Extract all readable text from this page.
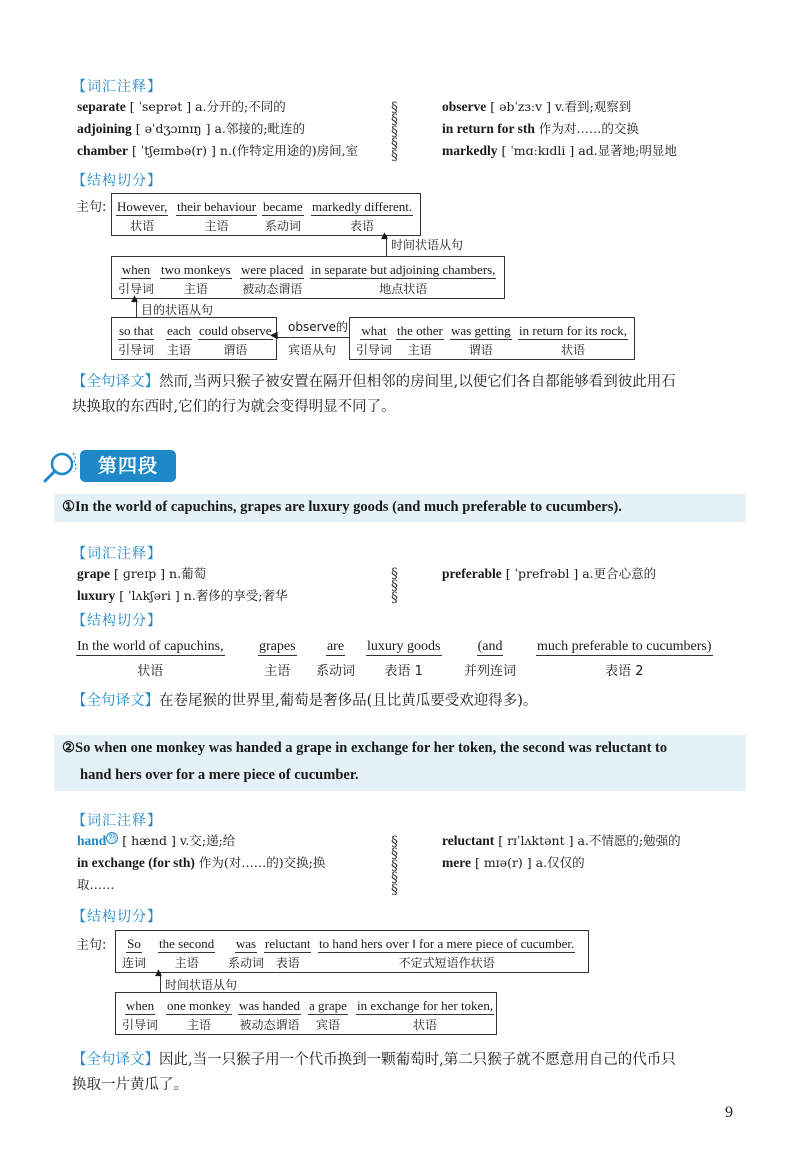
【词汇注释】
separate [ ˈseprət ] a.分开的;不同的
adjoining [ əˈdʒɔɪnɪŋ ] a.邻接的;毗连的
chamber [ ˈtʃeɪmbə(r) ] n.(作特定用途的)房间,室
§
§
§
§
§
observe [ əbˈzɜːv ] v.看到;观察到
in return for sth 作为对……的交换
markedly [ ˈmɑːkɪdli ] ad.显著地;明显地
【结构切分】
主句: However,
状语
their behaviour
主语
became
系动词
markedly different.
表语
▲
时间状语从句
when
引导词
two monkeys
主语
were placed
被动态谓语
in separate but adjoining chambers,
地点状语
▲
目的状语从句
so that
引导词
each
主语
could observe
谓语
◀
observe的
宾语从句
what
引导词
the other
主语
was getting
谓语
in return for its rock,
状语
【全句译文】然而,当两只猴子被安置在隔开但相邻的房间里,以便它们各自都能够看到彼此用石
块换取的东西时,它们的行为就会变得明显不同了。
第四段
①In the world of capuchins, grapes are luxury goods (and much preferable to cucumbers).
【词汇注释】
grape [ ɡreɪp ] n.葡萄
luxury [ ˈlʌkʃəri ] n.奢侈的享受;奢华
§
§
§
preferable [ ˈprefrəbl ] a.更合心意的
【结构切分】
In the world of capuchins,
状语
grapes
主语
are
系动词
luxury goods
表语 1
(and
并列连词
much preferable to cucumbers)
表语 2
【全句译文】在卷尾猴的世界里,葡萄是奢侈品(且比黄瓜要受欢迎得多)。
②So when one monkey was handed a grape in exchange for her token, the second was reluctant to
hand hers over for a mere piece of cucumber.
【词汇注释】
hand $^熟$ [ hænd ] v.交;递;给
in exchange (for sth) 作为(对……的)交换;换
取……
§
§
§
§
§
reluctant [ rɪˈlʌktənt ] a.不情愿的;勉强的
mere [ mɪə(r) ] a.仅仅的
【结构切分】
主句:	So
连词
the second
主语
was
系动词
reluctant
表语
to hand hers over ‖ for a mere piece of cucumber.
不定式短语作状语
▲
时间状语从句
when
引导词
one monkey
主语
was handed
被动态谓语
a grape
宾语
in exchange for her token,
状语
【全句译文】因此,当一只猴子用一个代币换到一颗葡萄时,第二只猴子就不愿意用自己的代币只
换取一片黄瓜了。
9
